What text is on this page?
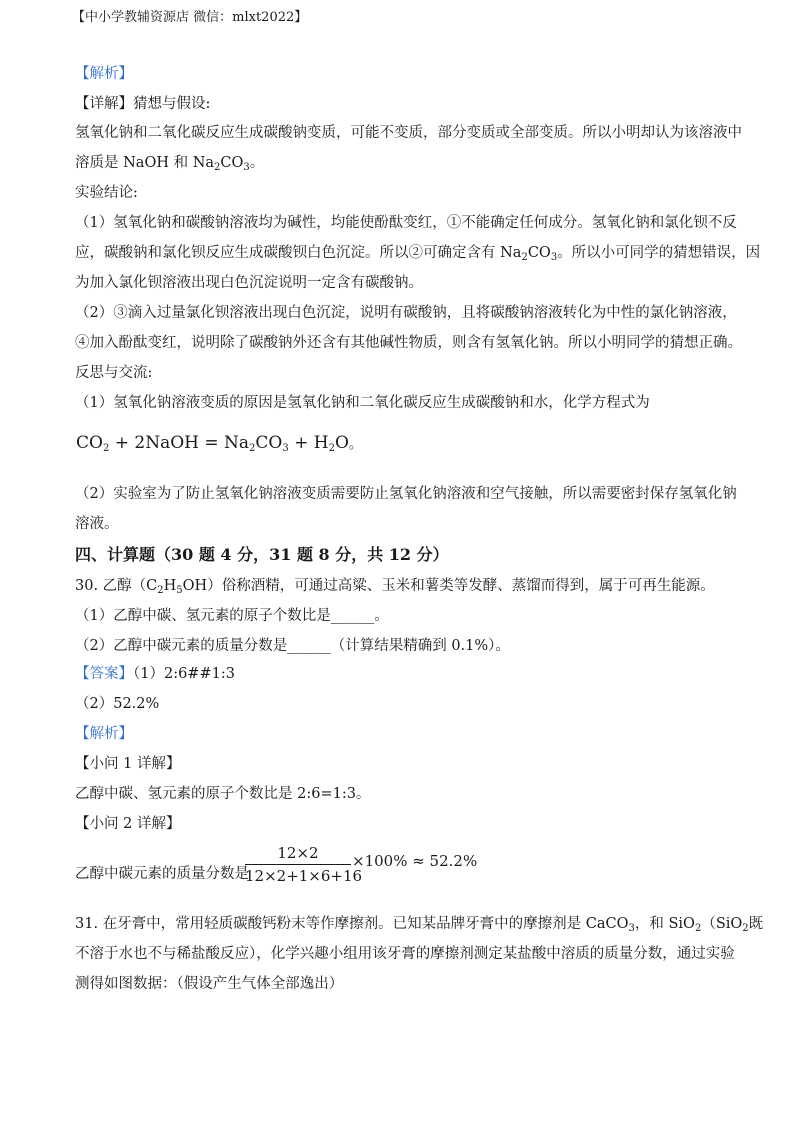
【中小学教辅资源店 微信：mlxt2022】
【解析】
【详解】猜想与假设:
氢氧化钠和二氧化碳反应生成碳酸钠变质，可能不变质，部分变质或全部变质。所以小明却认为该溶液中
溶质是 NaOH 和 $Na_2CO_3$。
实验结论:
（1）氢氧化钠和碳酸钠溶液均为碱性，均能使酚酞变红，①不能确定任何成分。氢氧化钠和氯化钡不反
应，碳酸钠和氯化钡反应生成碳酸钡白色沉淀。所以②可确定含有 $Na_2CO_3$。所以小可同学的猜想错误，因
为加入氯化钡溶液出现白色沉淀说明一定含有碳酸钠。
（2）③滴入过量氯化钡溶液出现白色沉淀，说明有碳酸钠，且将碳酸钠溶液转化为中性的氯化钠溶液，
④加入酚酞变红，说明除了碳酸钠外还含有其他碱性物质，则含有氢氧化钠。所以小明同学的猜想正确。
反思与交流:
（1）氢氧化钠溶液变质的原因是氢氧化钠和二氧化碳反应生成碳酸钠和水，化学方程式为
$CO_2$ + 2NaOH = $Na_2CO_3 + H_2O$。
（2）实验室为了防止氢氧化钠溶液变质需要防止氢氧化钠溶液和空气接触，所以需要密封保存氢氧化钠
溶液。
四、计算题（30 题 4 分，31 题 8 分，共 12 分）
30. 乙醇$(C_2H_5OH)$俗称酒精，可通过高粱、玉米和薯类等发酵、蒸馏而得到，属于可再生能源。
（1）乙醇中碳、氢元素的原子个数比是______。
（2）乙醇中碳元素的质量分数是______（计算结果精确到 0.1%）。
【答案】（1）2:6##1:3
（2）52.2%
【解析】
【小问 1 详解】
乙醇中碳、氢元素的原子个数比是 2:6=1:3。
【小问 2 详解】
乙醇中碳元素的质量分数是
12×2
12×2+1×6+16
×100% ≈ 52.2%
31. 在牙膏中，常用轻质碳酸钙粉末等作摩擦剂。已知某品牌牙膏中的摩擦剂是 CaCO$_3$，和 SiO$_2$（SiO$_2$既
不溶于水也不与稀盐酸反应），化学兴趣小组用该牙膏的摩擦剂测定某盐酸中溶质的质量分数，通过实验
测得如图数据：（假设产生气体全部逸出）
